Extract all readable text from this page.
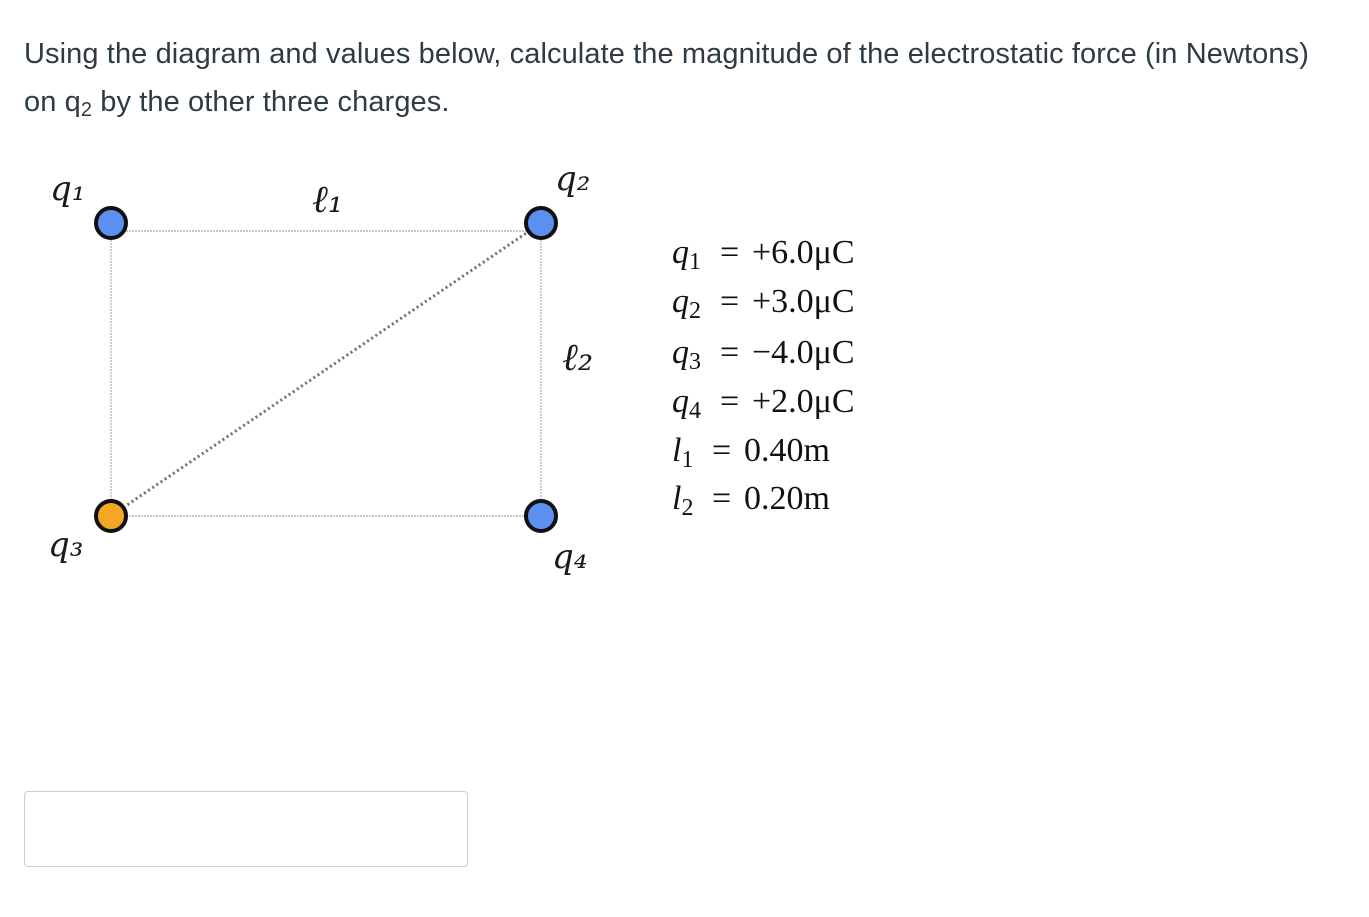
Using the diagram and values below, calculate the magnitude of the electrostatic force (in Newtons) on $q_2$ by the other three charges.
q₁	q₂
q₃	q₄
ℓ₁
ℓ₂
$q_1 = +6.0\mu C$
$q_2 = +3.0\mu C$
$q_3 = -4.0\mu C$
$q_4 = +2.0\mu C$
$l_1 = 0.40m$
$l_2 = 0.20m$
